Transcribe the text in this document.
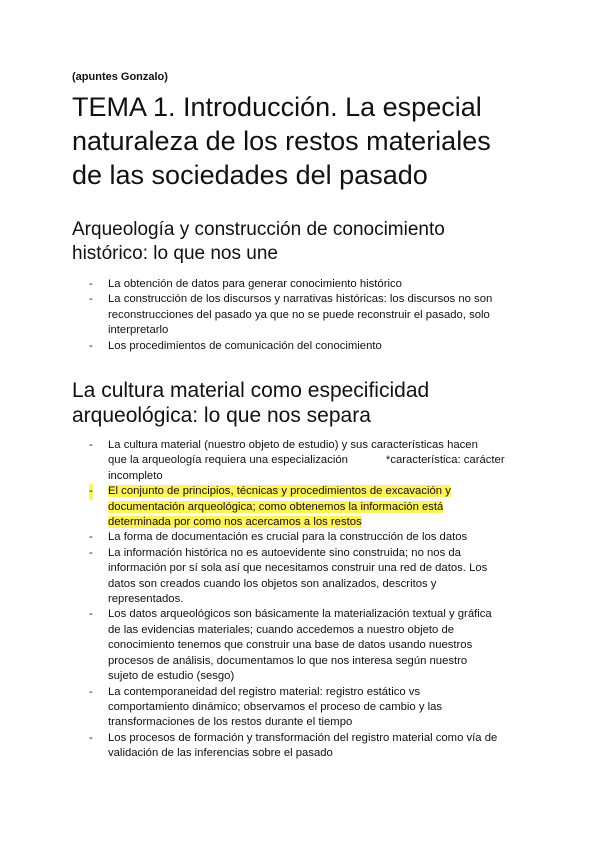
(apuntes Gonzalo)
TEMA 1. Introducción. La especial
naturaleza de los restos materiales
de las sociedades del pasado
Arqueología y construcción de conocimiento
histórico: lo que nos une
- La obtención de datos para generar conocimiento histórico
- La construcción de los discursos y narrativas históricas: los discursos no son
reconstrucciones del pasado ya que no se puede reconstruir el pasado, solo
interpretarlo
- Los procedimientos de comunicación del conocimiento
La cultura material como especificidad
arqueológica: lo que nos separa
- La cultura material (nuestro objeto de estudio) y sus características hacen
que la arqueología requiera una especialización	*característica: carácter
incompleto
- El conjunto de principios, técnicas y procedimientos de excavación y
documentación arqueológica; como obtenemos la información está
determinada por como nos acercamos a los restos
- La forma de documentación es crucial para la construcción de los datos
- La información histórica no es autoevidente sino construida; no nos da
información por sí sola así que necesitamos construir una red de datos. Los
datos son creados cuando los objetos son analizados, descritos y
representados.
- Los datos arqueológicos son básicamente la materialización textual y gráfica
de las evidencias materiales; cuando accedemos a nuestro objeto de
conocimiento tenemos que construir una base de datos usando nuestros
procesos de análisis, documentamos lo que nos interesa según nuestro
sujeto de estudio (sesgo)
- La contemporaneidad del registro material: registro estático vs
comportamiento dinámico; observamos el proceso de cambio y las
transformaciones de los restos durante el tiempo
- Los procesos de formación y transformación del registro material como vía de
validación de las inferencias sobre el pasado
